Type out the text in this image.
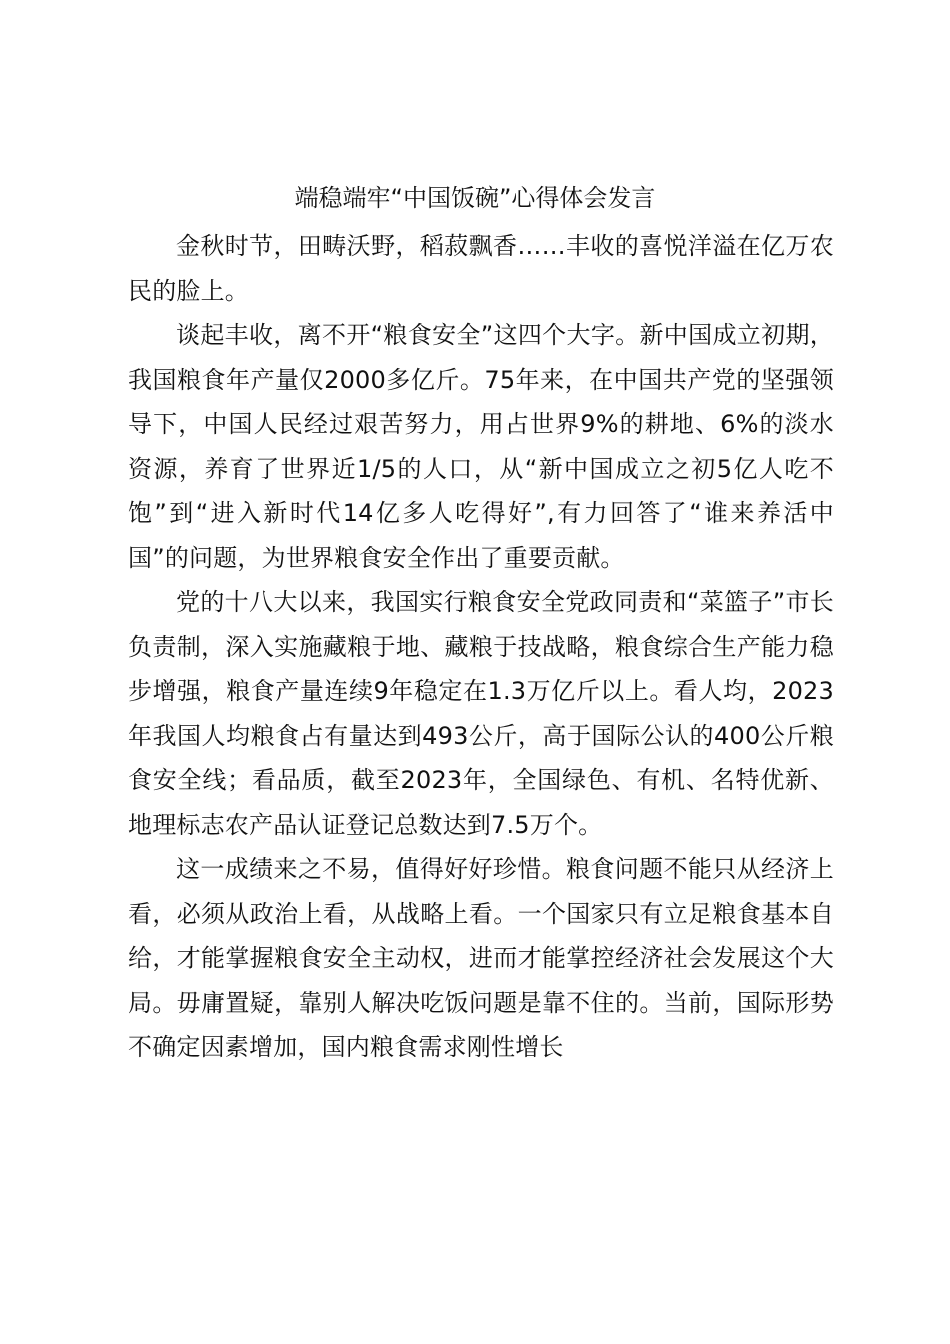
端稳端牢“中国饭碗”心得体会发言

金秋时节，田畴沃野，稻菽飘香……丰收的喜悦洋溢在亿万农民的脸上。

谈起丰收，离不开“粮食安全”这四个大字。新中国成立初期，我国粮食年产量仅2000多亿斤。75年来，在中国共产党的坚强领导下，中国人民经过艰苦努力，用占世界9%的耕地、6%的淡水资源，养育了世界近1/5的人口，从“新中国成立之初5亿人吃不饱”到“进入新时代14亿多人吃得好”,有力回答了“谁来养活中国”的问题，为世界粮食安全作出了重要贡献。

党的十八大以来，我国实行粮食安全党政同责和“菜篮子”市长负责制，深入实施藏粮于地、藏粮于技战略，粮食综合生产能力稳步增强，粮食产量连续9年稳定在1.3万亿斤以上。看人均，2023年我国人均粮食占有量达到493公斤，高于国际公认的400公斤粮食安全线；看品质，截至2023年，全国绿色、有机、名特优新、地理标志农产品认证登记总数达到7.5万个。

这一成绩来之不易，值得好好珍惜。粮食问题不能只从经济上看，必须从政治上看，从战略上看。一个国家只有立足粮食基本自给，才能掌握粮食安全主动权，进而才能掌控经济社会发展这个大局。毋庸置疑，靠别人解决吃饭问题是靠不住的。当前，国际形势不确定因素增加，国内粮食需求刚性增长
